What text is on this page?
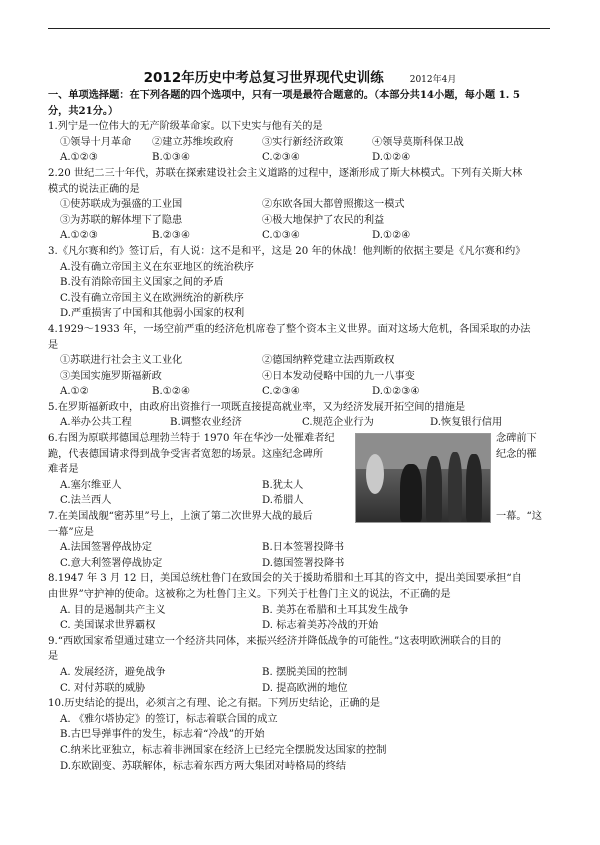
2012年历史中考总复习世界现代史训练	2012年4月
一、单项选择题：在下列各题的四个选项中，只有一项是最符合题意的。（本部分共14小题，每小题 1. 5
分，共21分。）
1.列宁是一位伟大的无产阶级革命家。以下史实与他有关的是
①领导十月革命 ②建立苏维埃政府	③实行新经济政策	④领导莫斯科保卫战
A.①②③	B.①③④	C.②③④	D.①②④
2.20 世纪二三十年代，苏联在探索建设社会主义道路的过程中，逐渐形成了斯大林模式。下列有关斯大林
模式的说法正确的是
①使苏联成为强盛的工业国	②东欧各国大都曾照搬这一模式
③为苏联的解体埋下了隐患	④极大地保护了农民的利益
A.①②③	B.②③④	C.①③④	D.①②④
3.《凡尔赛和约》签订后，有人说：这不是和平，这是 20 年的休战！他判断的依据主要是《凡尔赛和约》
A.没有确立帝国主义在东亚地区的统治秩序
B.没有消除帝国主义国家之间的矛盾
C.没有确立帝国主义在欧洲统治的新秩序
D.严重损害了中国和其他弱小国家的权利
4.1929～1933 年，一场空前严重的经济危机席卷了整个资本主义世界。面对这场大危机，各国采取的办法
是
①苏联进行社会主义工业化	②德国纳粹党建立法西斯政权
③美国实施罗斯福新政	④日本发动侵略中国的九一八事变
A.①②	B.①②④	C.②③④	D.①②③④
5.在罗斯福新政中，由政府出资推行一项既直接提高就业率，又为经济发展开拓空间的措施是
A.举办公共工程	B.调整农业经济	C.规范企业行为	D.恢复银行信用
6.右图为原联邦德国总理勃兰特于 1970 年在华沙一处罹难者纪	念碑前下
跪，代表德国请求得到战争受害者宽恕的场景。这座纪念碑所	纪念的罹
难者是
A.塞尔维亚人	B.犹太人
C.法兰西人	D.希腊人
7.在美国战舰“密苏里”号上，上演了第二次世界大战的最后	一幕。“这
一幕”应是
A.法国签署停战协定	B.日本签署投降书
C.意大利签署停战协定	D.德国签署投降书
8.1947 年 3 月 12 日，美国总统杜鲁门在致国会的关于援助希腊和土耳其的咨文中，提出美国要承担“自
由世界”守护神的使命。这被称之为杜鲁门主义。下列关于杜鲁门主义的说法，不正确的是
A. 目的是遏制共产主义	B. 美苏在希腊和土耳其发生战争
C. 美国谋求世界霸权	D. 标志着美苏冷战的开始
9.“西欧国家希望通过建立一个经济共同体，来振兴经济并降低战争的可能性。”这表明欧洲联合的目的
是
A. 发展经济，避免战争	B. 摆脱美国的控制
C. 对付苏联的威胁	D. 提高欧洲的地位
10.历史结论的提出，必须言之有理、论之有据。下列历史结论，正确的是
A. 《雅尔塔协定》的签订，标志着联合国的成立
B.古巴导弹事件的发生，标志着“冷战”的开始
C.纳米比亚独立，标志着非洲国家在经济上已经完全摆脱发达国家的控制
D.东欧剧变、苏联解体，标志着东西方两大集团对峙格局的终结
